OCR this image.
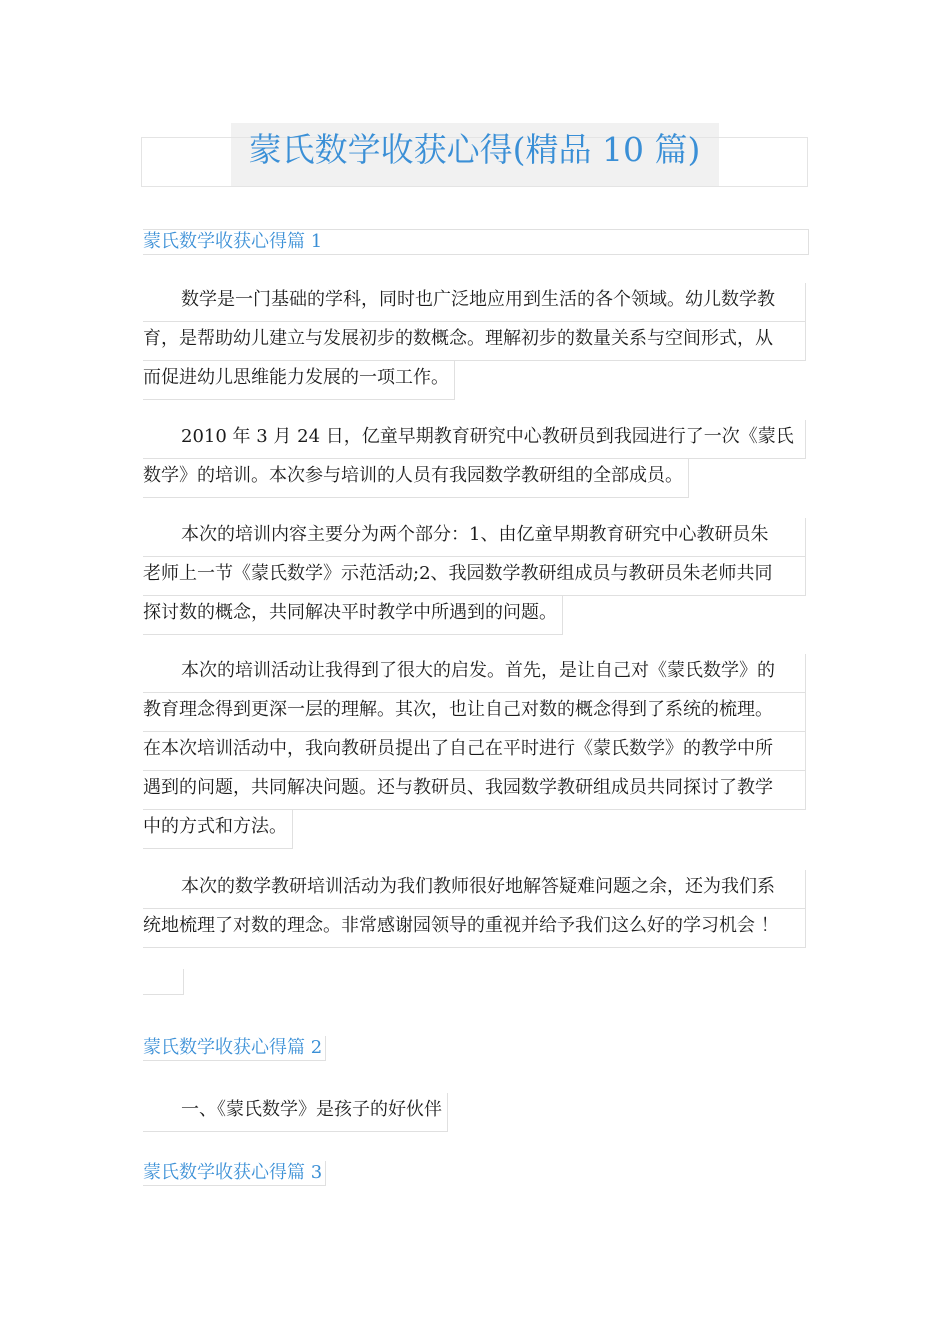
蒙氏数学收获心得(精品 10 篇)
蒙氏数学收获心得篇 1
数学是一门基础的学科，同时也广泛地应用到生活的各个领域。幼儿数学教
育，是帮助幼儿建立与发展初步的数概念。理解初步的数量关系与空间形式，从
而促进幼儿思维能力发展的一项工作。
2010 年 3 月 24 日，亿童早期教育研究中心教研员到我园进行了一次《蒙氏
数学》的培训。本次参与培训的人员有我园数学教研组的全部成员。
本次的培训内容主要分为两个部分：1、由亿童早期教育研究中心教研员朱
老师上一节《蒙氏数学》示范活动;2、我园数学教研组成员与教研员朱老师共同
探讨数的概念，共同解决平时教学中所遇到的问题。
本次的培训活动让我得到了很大的启发。首先，是让自己对《蒙氏数学》的
教育理念得到更深一层的理解。其次，也让自己对数的概念得到了系统的梳理。
在本次培训活动中，我向教研员提出了自己在平时进行《蒙氏数学》的教学中所
遇到的问题，共同解决问题。还与教研员、我园数学教研组成员共同探讨了教学
中的方式和方法。
本次的数学教研培训活动为我们教师很好地解答疑难问题之余，还为我们系
统地梳理了对数的理念。非常感谢园领导的重视并给予我们这么好的学习机会 ！
蒙氏数学收获心得篇 2
一、《蒙氏数学》是孩子的好伙伴
蒙氏数学收获心得篇 3
